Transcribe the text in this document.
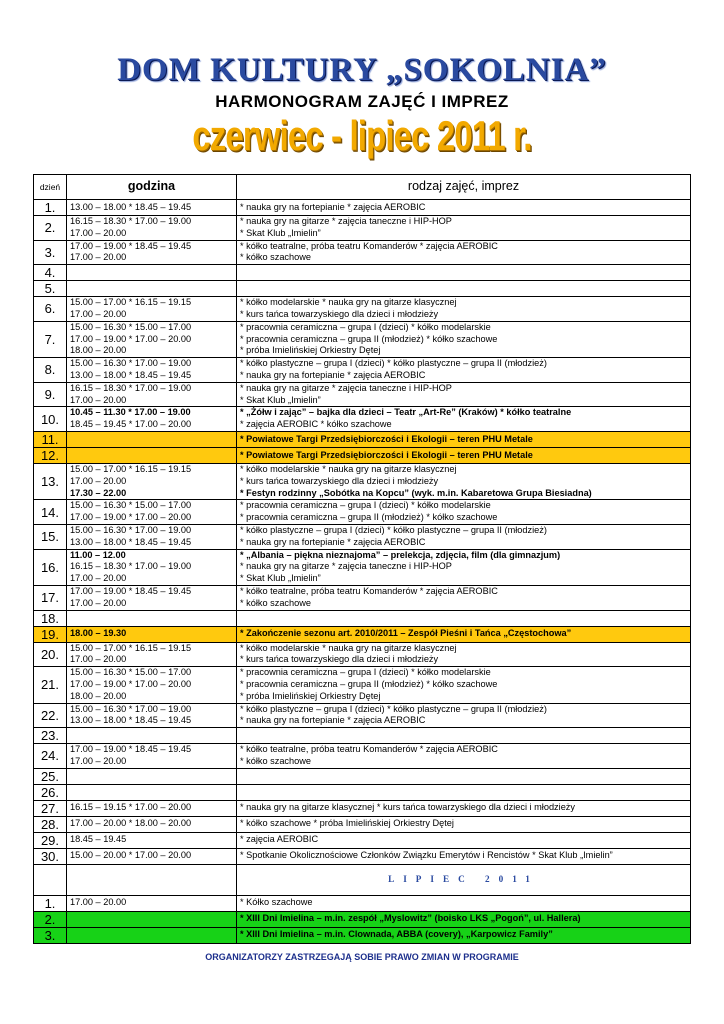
DOM KULTURY „SOKOLNIA”
HARMONOGRAM ZAJĘĆ I IMPREZ
czerwiec - lipiec 2011 r.
dzień	godzina	rodzaj zajęć, imprez
1.	13.00 – 18.00 * 18.45 – 19.45	* nauka gry na fortepianie * zajęcia AEROBIC

2.	16.15 – 18.30 * 17.00 – 19.00
17.00 – 20.00	* nauka gry na gitarze * zajęcia taneczne i HIP-HOP
* Skat Klub „Imielin”

3.	17.00 – 19.00 * 18.45 – 19.45
17.00 – 20.00	* kółko teatralne, próba teatru Komanderów * zajęcia AEROBIC
* kółko szachowe

4.		
5.		
6.	15.00 – 17.00 * 16.15 – 19.15
17.00 – 20.00	* kółko modelarskie * nauka gry na gitarze klasycznej
* kurs tańca towarzyskiego dla dzieci i młodzieży

7.	15.00 – 16.30 * 15.00 – 17.00
17.00 – 19.00 * 17.00 – 20.00
18.00 – 20.00	* pracownia ceramiczna – grupa I (dzieci) * kółko modelarskie
* pracownia ceramiczna – grupa II (młodzież) * kółko szachowe
* próba Imielińskiej Orkiestry Dętej

8.	15.00 – 16.30 * 17.00 – 19.00
13.00 – 18.00 * 18.45 – 19.45	* kółko plastyczne – grupa I (dzieci) * kółko plastyczne – grupa II (młodzież)
* nauka gry na fortepianie * zajęcia AEROBIC

9.	16.15 – 18.30 * 17.00 – 19.00
17.00 – 20.00	* nauka gry na gitarze * zajęcia taneczne i HIP-HOP
* Skat Klub „Imielin”

10.	10.45 – 11.30 * 17.00 – 19.00
18.45 – 19.45 * 17.00 – 20.00	* „Żółw i zając” – bajka dla dzieci – Teatr „Art-Re” (Kraków) * kółko teatralne
* zajęcia AEROBIC * kółko szachowe

11.		* Powiatowe Targi Przedsiębiorczości i Ekologii – teren PHU Metale

12.		* Powiatowe Targi Przedsiębiorczości i Ekologii – teren PHU Metale

13.	15.00 – 17.00 * 16.15 – 19.15
17.00 – 20.00
17.30 – 22.00	* kółko modelarskie * nauka gry na gitarze klasycznej
* kurs tańca towarzyskiego dla dzieci i młodzieży
* Festyn rodzinny „Sobótka na Kopcu” (wyk. m.in. Kabaretowa Grupa Biesiadna)

14.	15.00 – 16.30 * 15.00 – 17.00
17.00 – 19.00 * 17.00 – 20.00	* pracownia ceramiczna – grupa I (dzieci) * kółko modelarskie
* pracownia ceramiczna – grupa II (młodzież) * kółko szachowe

15.	15.00 – 16.30 * 17.00 – 19.00
13.00 – 18.00 * 18.45 – 19.45	* kółko plastyczne – grupa I (dzieci) * kółko plastyczne – grupa II (młodzież)
* nauka gry na fortepianie * zajęcia AEROBIC

16.	11.00 – 12.00
16.15 – 18.30 * 17.00 – 19.00
17.00 – 20.00	* „Albania – piękna nieznajoma” – prelekcja, zdjęcia, film (dla gimnazjum)
* nauka gry na gitarze * zajęcia taneczne i HIP-HOP
* Skat Klub „Imielin”

17.	17.00 – 19.00 * 18.45 – 19.45
17.00 – 20.00	* kółko teatralne, próba teatru Komanderów * zajęcia AEROBIC
* kółko szachowe

18.		
19.	18.00 – 19.30	* Zakończenie sezonu art. 2010/2011 – Zespół Pieśni i Tańca „Częstochowa”

20.	15.00 – 17.00 * 16.15 – 19.15
17.00 – 20.00	* kółko modelarskie * nauka gry na gitarze klasycznej
* kurs tańca towarzyskiego dla dzieci i młodzieży

21.	15.00 – 16.30 * 15.00 – 17.00
17.00 – 19.00 * 17.00 – 20.00
18.00 – 20.00	* pracownia ceramiczna – grupa I (dzieci) * kółko modelarskie
* pracownia ceramiczna – grupa II (młodzież) * kółko szachowe
* próba Imielińskiej Orkiestry Dętej

22.	15.00 – 16.30 * 17.00 – 19.00
13.00 – 18.00 * 18.45 – 19.45	* kółko plastyczne – grupa I (dzieci) * kółko plastyczne – grupa II (młodzież)
* nauka gry na fortepianie * zajęcia AEROBIC

23.		
24.	17.00 – 19.00 * 18.45 – 19.45
17.00 – 20.00	* kółko teatralne, próba teatru Komanderów * zajęcia AEROBIC
* kółko szachowe

25.		
26.		
27.	16.15 – 19.15 * 17.00 – 20.00	* nauka gry na gitarze klasycznej * kurs tańca towarzyskiego dla dzieci i młodzieży

28.	17.00 – 20.00 * 18.00 – 20.00	* kółko szachowe * próba Imielińskiej Orkiestry Dętej

29.	18.45 – 19.45	* zajęcia AEROBIC

30.	15.00 – 20.00 * 17.00 – 20.00	* Spotkanie Okolicznościowe Członków Związku Emerytów i Rencistów * Skat Klub „Imielin”

		LIPIEC 2011
1.	17.00 – 20.00	* Kółko szachowe

2.		* XIII Dni Imielina – m.in. zespół „Myslowitz” (boisko LKS „Pogoń”, ul. Hallera)

3.		* XIII Dni Imielina – m.in. Clownada, ABBA (covery), „Karpowicz Family”
ORGANIZATORZY ZASTRZEGAJĄ SOBIE PRAWO ZMIAN W PROGRAMIE
